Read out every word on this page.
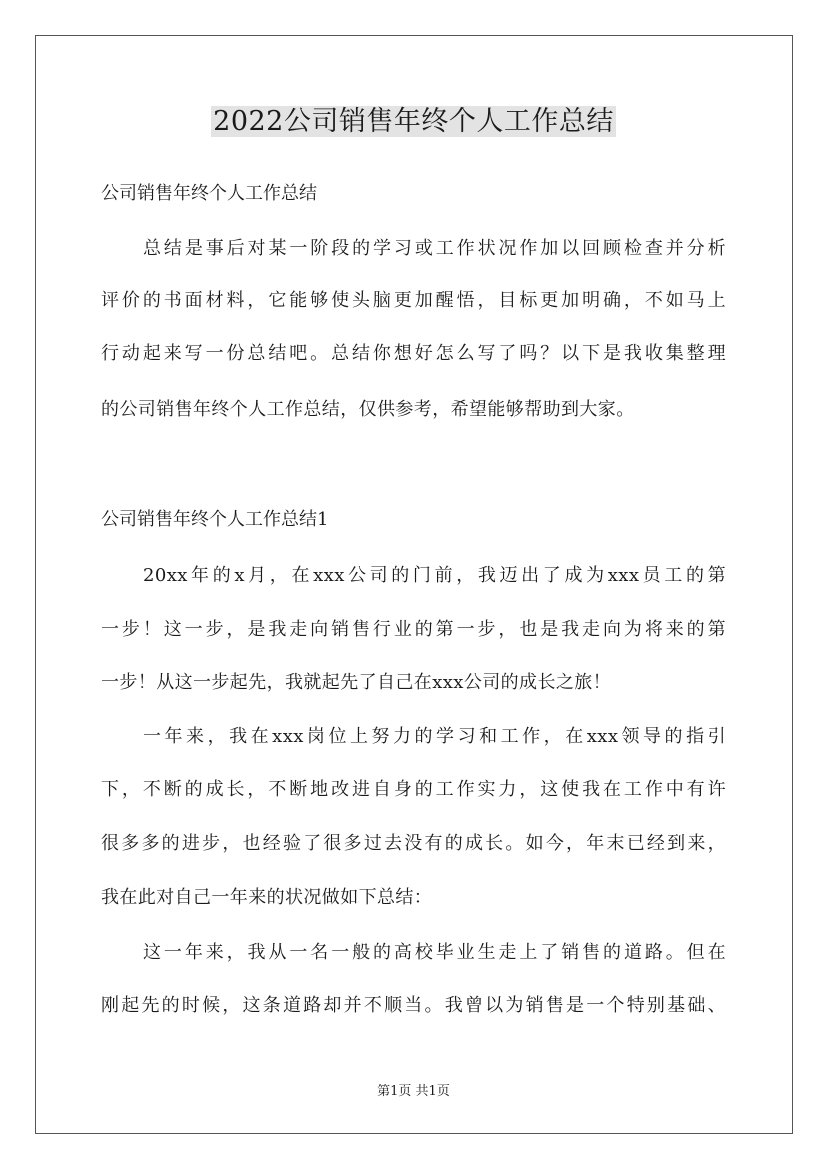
2022公司销售年终个人工作总结
公司销售年终个人工作总结
总结是事后对某一阶段的学习或工作状况作加以回顾检查并分析
评价的书面材料，它能够使头脑更加醒悟，目标更加明确，不如马上
行动起来写一份总结吧。总结你想好怎么写了吗？以下是我收集整理
的公司销售年终个人工作总结，仅供参考，希望能够帮助到大家。
公司销售年终个人工作总结1
20xx年的x月，在xxx公司的门前，我迈出了成为xxx员工的第
一步！这一步，是我走向销售行业的第一步，也是我走向为将来的第
一步！从这一步起先，我就起先了自己在xxx公司的成长之旅！
一年来，我在xxx岗位上努力的学习和工作，在xxx领导的指引
下，不断的成长，不断地改进自身的工作实力，这使我在工作中有许
很多多的进步，也经验了很多过去没有的成长。如今，年末已经到来，
我在此对自己一年来的状况做如下总结：
这一年来，我从一名一般的高校毕业生走上了销售的道路。但在
刚起先的时候，这条道路却并不顺当。我曾以为销售是一个特别基础、
第1页 共1页
